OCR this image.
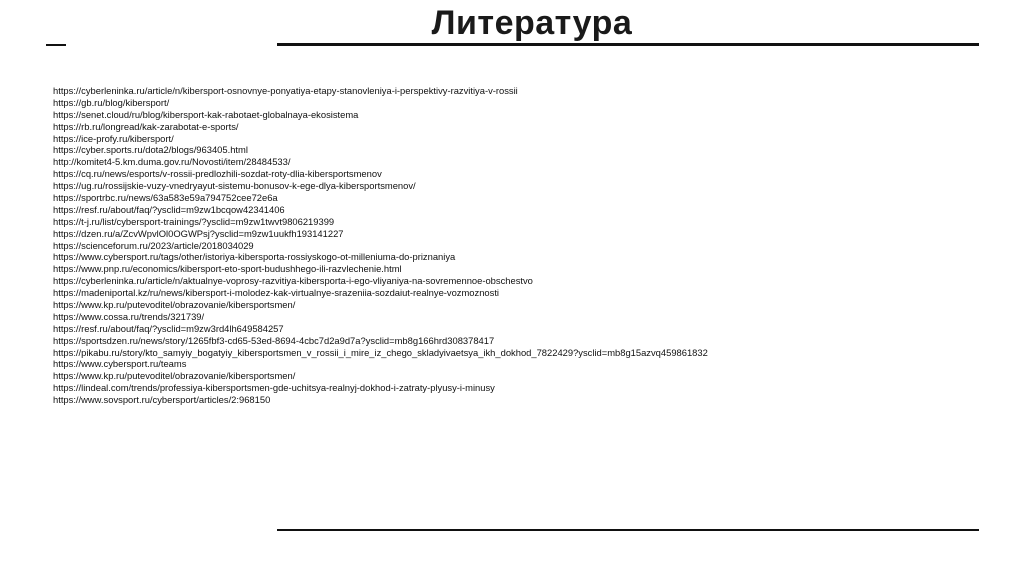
Литература
https://cyberleninka.ru/article/n/kibersport-osnovnye-ponyatiya-etapy-stanovleniya-i-perspektivy-razvitiya-v-rossii
https://gb.ru/blog/kibersport/
https://senet.cloud/ru/blog/kibersport-kak-rabotaet-globalnaya-ekosistema
https://rb.ru/longread/kak-zarabotat-e-sports/
https://ice-profy.ru/kibersport/
https://cyber.sports.ru/dota2/blogs/963405.html
http://komitet4-5.km.duma.gov.ru/Novosti/item/28484533/
https://cq.ru/news/esports/v-rossii-predlozhili-sozdat-roty-dlia-kibersportsmenov
https://ug.ru/rossijskie-vuzy-vnedryayut-sistemu-bonusov-k-ege-dlya-kibersportsmenov/
https://sportrbc.ru/news/63a583e59a794752cee72e6a
https://resf.ru/about/faq/?ysclid=m9zw1bcqow42341406
https://t-j.ru/list/cybersport-trainings/?ysclid=m9zw1twvt9806219399
https://dzen.ru/a/ZcvWpvlOl0OGWPsj?ysclid=m9zw1uukfh193141227
https://scienceforum.ru/2023/article/2018034029
https://www.cybersport.ru/tags/other/istoriya-kibersporta-rossiyskogo-ot-milleniuma-do-priznaniya
https://www.pnp.ru/economics/kibersport-eto-sport-budushhego-ili-razvlechenie.html
https://cyberleninka.ru/article/n/aktualnye-voprosy-razvitiya-kibersporta-i-ego-vliyaniya-na-sovremennoe-obschestvo
https://madeniportal.kz/ru/news/kibersport-i-molodez-kak-virtualnye-srazeniia-sozdaiut-realnye-vozmoznosti
https://www.kp.ru/putevoditel/obrazovanie/kibersportsmen/
https://www.cossa.ru/trends/321739/
https://resf.ru/about/faq/?ysclid=m9zw3rd4lh649584257
https://sportsdzen.ru/news/story/1265fbf3-cd65-53ed-8694-4cbc7d2a9d7a?ysclid=mb8g166hrd308378417
https://pikabu.ru/story/kto_samyiy_bogatyiy_kibersportsmen_v_rossii_i_mire_iz_chego_skladyivaetsya_ikh_dokhod_7822429?ysclid=mb8g15azvq459861832
https://www.cybersport.ru/teams
https://www.kp.ru/putevoditel/obrazovanie/kibersportsmen/
https://lindeal.com/trends/professiya-kibersportsmen-gde-uchitsya-realnyj-dokhod-i-zatraty-plyusy-i-minusy
https://www.sovsport.ru/cybersport/articles/2:968150
